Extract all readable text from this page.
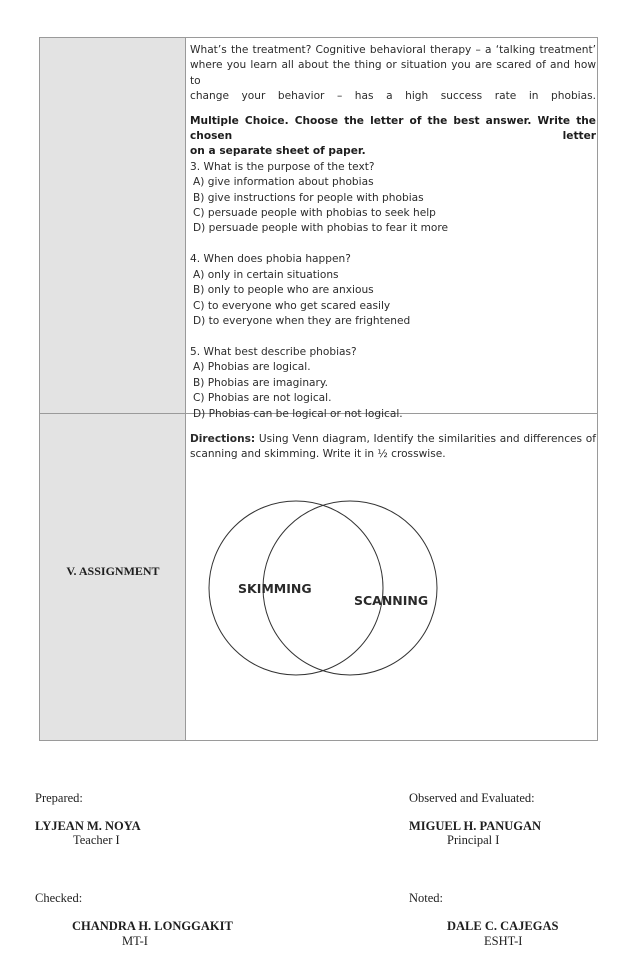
V. ASSIGNMENT

What’s the treatment? Cognitive behavioral therapy – a ‘talking treatment’

where you learn all about the thing or situation you are scared of and how to

change your behavior – has a high success rate in phobias.

Multiple Choice. Choose the letter of the best answer. Write the chosen letter

on a separate sheet of paper.

3. What is the purpose of the text?

A) give information about phobias

B) give instructions for people with phobias

C) persuade people with phobias to seek help

D) persuade people with phobias to fear it more

4. When does phobia happen?

A) only in certain situations

B) only to people who are anxious

C) to everyone who get scared easily

D) to everyone when they are frightened

5. What best describe phobias?

A) Phobias are logical.

B) Phobias are imaginary.

C) Phobias are not logical.

D) Phobias can be logical or not logical.

Directions: Using Venn diagram, Identify the similarities and differences of

scanning and skimming. Write it in ½ crosswise.

SKIMMING
SCANNING
Prepared:
LYJEAN M. NOYA
Teacher I
Observed and Evaluated:
MIGUEL H. PANUGAN
Principal I
Checked:
CHANDRA H. LONGGAKIT
MT-I
Noted:
DALE C. CAJEGAS
ESHT-I
